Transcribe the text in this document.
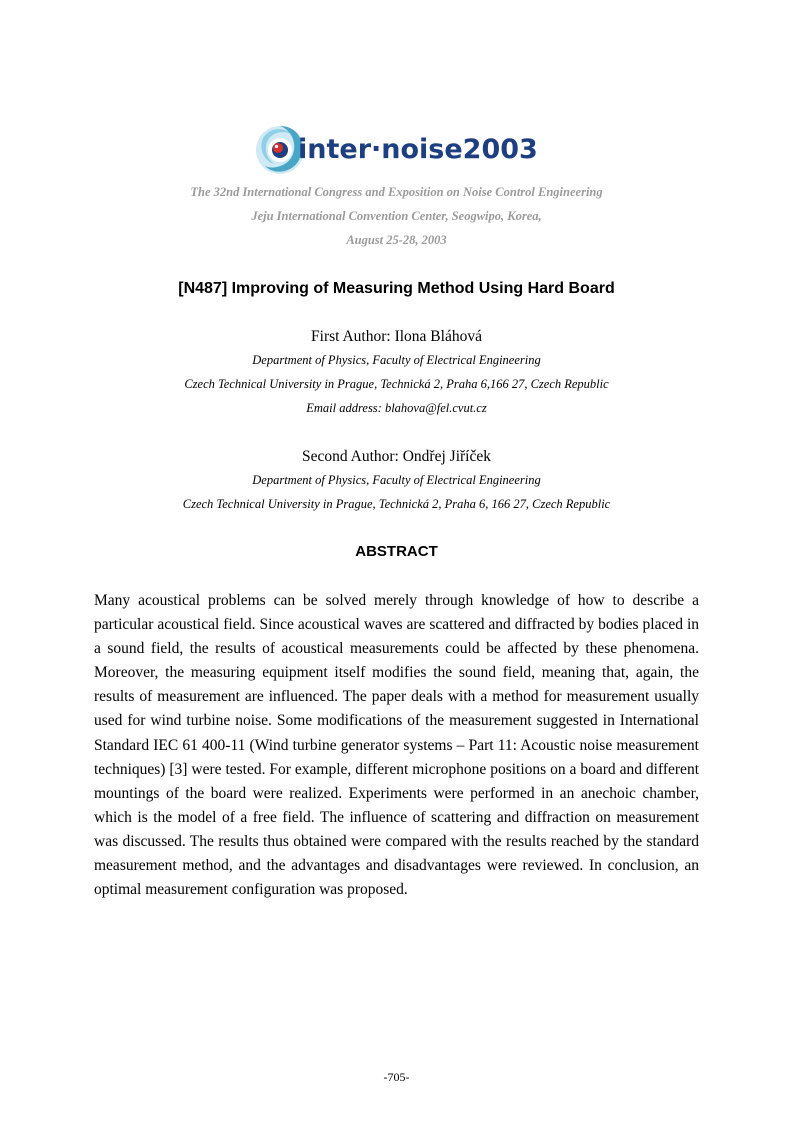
inter·noise2003
The 32nd International Congress and Exposition on Noise Control Engineering
Jeju International Convention Center, Seogwipo, Korea,
August 25-28, 2003
[N487] Improving of Measuring Method Using Hard Board
First Author: Ilona Bláhová
Department of Physics, Faculty of Electrical Engineering
Czech Technical University in Prague, Technická 2, Praha 6,166 27, Czech Republic
Email address: blahova@fel.cvut.cz
Second Author: Ondřej Jiříček
Department of Physics, Faculty of Electrical Engineering
Czech Technical University in Prague, Technická 2, Praha 6, 166 27, Czech Republic
ABSTRACT

Many acoustical problems can be solved merely through knowledge of how to describe a particular acoustical field. Since acoustical waves are scattered and diffracted by bodies placed in a sound field, the results of acoustical measurements could be affected by these phenomena. Moreover, the measuring equipment itself modifies the sound field, meaning that, again, the results of measurement are influenced. The paper deals with a method for measurement usually used for wind turbine noise. Some modifications of the measurement suggested in International Standard IEC 61 400-11 (Wind turbine generator systems – Part 11: Acoustic noise measurement techniques) [3] were tested. For example, different microphone positions on a board and different mountings of the board were realized. Experiments were performed in an anechoic chamber, which is the model of a free field. The influence of scattering and diffraction on measurement was discussed. The results thus obtained were compared with the results reached by the standard measurement method, and the advantages and disadvantages were reviewed. In conclusion, an optimal measurement configuration was proposed.

-705-
